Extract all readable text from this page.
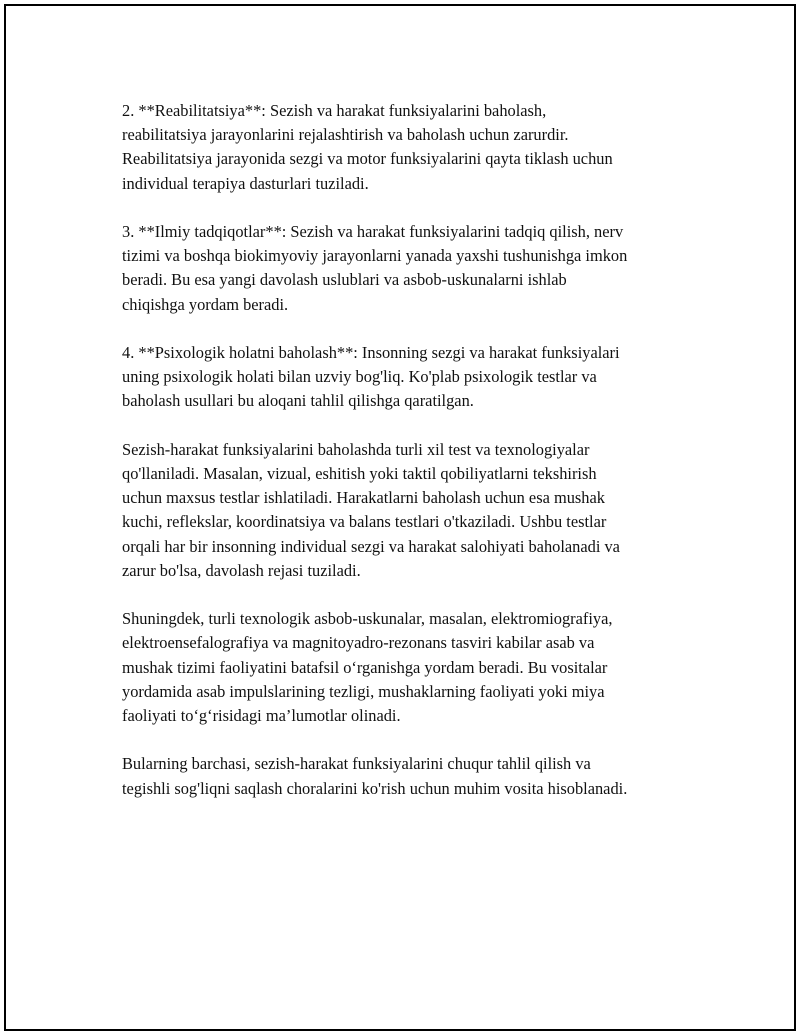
2. **Reabilitatsiya**: Sezish va harakat funksiyalarini baholash,
reabilitatsiya jarayonlarini rejalashtirish va baholash uchun zarurdir.
Reabilitatsiya jarayonida sezgi va motor funksiyalarini qayta tiklash uchun
individual terapiya dasturlari tuziladi.

3. **Ilmiy tadqiqotlar**: Sezish va harakat funksiyalarini tadqiq qilish, nerv
tizimi va boshqa biokimyoviy jarayonlarni yanada yaxshi tushunishga imkon
beradi. Bu esa yangi davolash uslublari va asbob-uskunalarni ishlab
chiqishga yordam beradi.

4. **Psixologik holatni baholash**: Insonning sezgi va harakat funksiyalari
uning psixologik holati bilan uzviy bog'liq. Ko'plab psixologik testlar va
baholash usullari bu aloqani tahlil qilishga qaratilgan.

Sezish-harakat funksiyalarini baholashda turli xil test va texnologiyalar
qo'llaniladi. Masalan, vizual, eshitish yoki taktil qobiliyatlarni tekshirish
uchun maxsus testlar ishlatiladi. Harakatlarni baholash uchun esa mushak
kuchi, reflekslar, koordinatsiya va balans testlari o'tkaziladi. Ushbu testlar
orqali har bir insonning individual sezgi va harakat salohiyati baholanadi va
zarur bo'lsa, davolash rejasi tuziladi.

Shuningdek, turli texnologik asbob-uskunalar, masalan, elektromiografiya,
elektroensefalografiya va magnitoyadro-rezonans tasviri kabilar asab va
mushak tizimi faoliyatini batafsil o‘rganishga yordam beradi. Bu vositalar
yordamida asab impulslarining tezligi, mushaklarning faoliyati yoki miya
faoliyati to‘g‘risidagi ma’lumotlar olinadi.

Bularning barchasi, sezish-harakat funksiyalarini chuqur tahlil qilish va
tegishli sog'liqni saqlash choralarini ko'rish uchun muhim vosita hisoblanadi.
